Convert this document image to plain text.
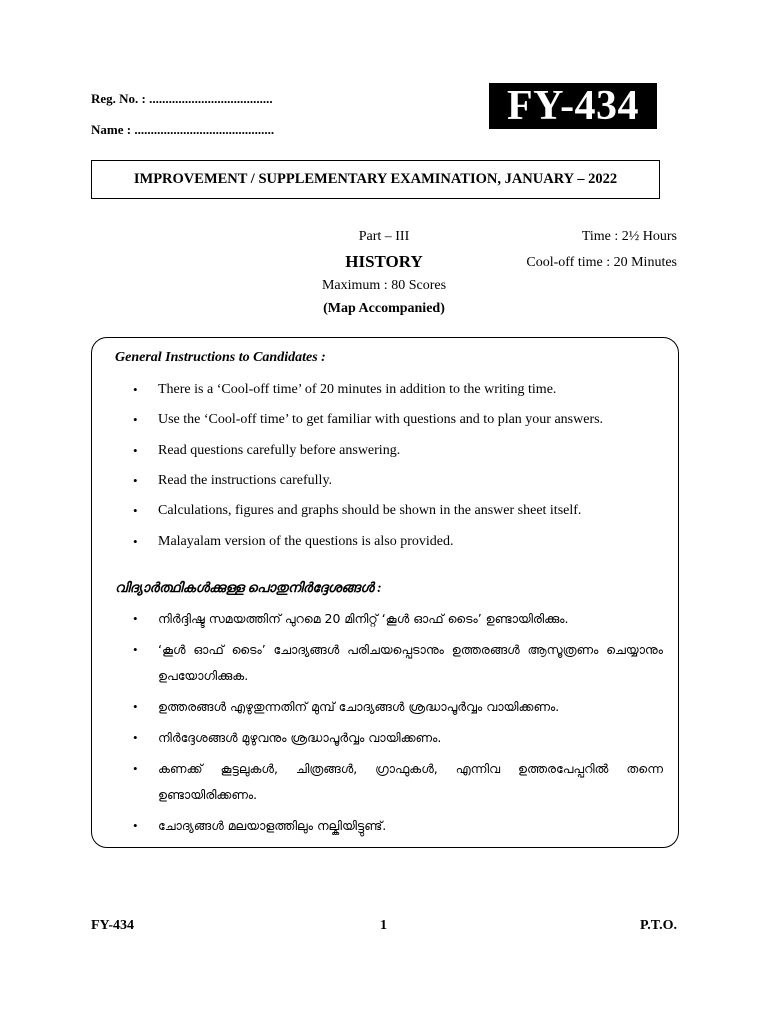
Reg. No. : ......................................
Name : ...........................................
FY-434
IMPROVEMENT / SUPPLEMENTARY EXAMINATION, JANUARY – 2022
Part – III
HISTORY
Maximum : 80 Scores
(Map Accompanied)
Time : 2½ Hours
Cool-off time : 20 Minutes
General Instructions to Candidates :
• There is a ‘Cool-off time’ of 20 minutes in addition to the writing time.
• Use the ‘Cool-off time’ to get familiar with questions and to plan your answers.
• Read questions carefully before answering.
• Read the instructions carefully.
• Calculations, figures and graphs should be shown in the answer sheet itself.
• Malayalam version of the questions is also provided.
വിദ്യാർത്ഥികൾക്കുള്ള പൊതുനിർദ്ദേശങ്ങൾ :
• നിർദ്ദിഷ്ട സമയത്തിന് പുറമെ 20 മിനിറ്റ് ‘കൂൾ ഓഫ് ടൈം’ ഉണ്ടായിരിക്കും.
• ‘കൂൾ ഓഫ് ടൈം’ ചോദ്യങ്ങൾ പരിചയപ്പെടാനും ഉത്തരങ്ങൾ ആസൂത്രണം ചെയ്യാനും ഉപയോഗിക്കുക.
• ഉത്തരങ്ങൾ എഴുതുന്നതിന് മുമ്പ് ചോദ്യങ്ങൾ ശ്രദ്ധാപൂർവ്വം വായിക്കണം.
• നിർദ്ദേശങ്ങൾ മുഴുവനും ശ്രദ്ധാപൂർവ്വം വായിക്കണം.
• കണക്ക് കൂട്ടലുകൾ, ചിത്രങ്ങൾ, ഗ്രാഫുകൾ, എന്നിവ ഉത്തരപേപ്പറിൽ തന്നെ ഉണ്ടായിരിക്കണം.
• ചോദ്യങ്ങൾ മലയാളത്തിലും നല്കിയിട്ടുണ്ട്.
FY-434	1	P.T.O.
